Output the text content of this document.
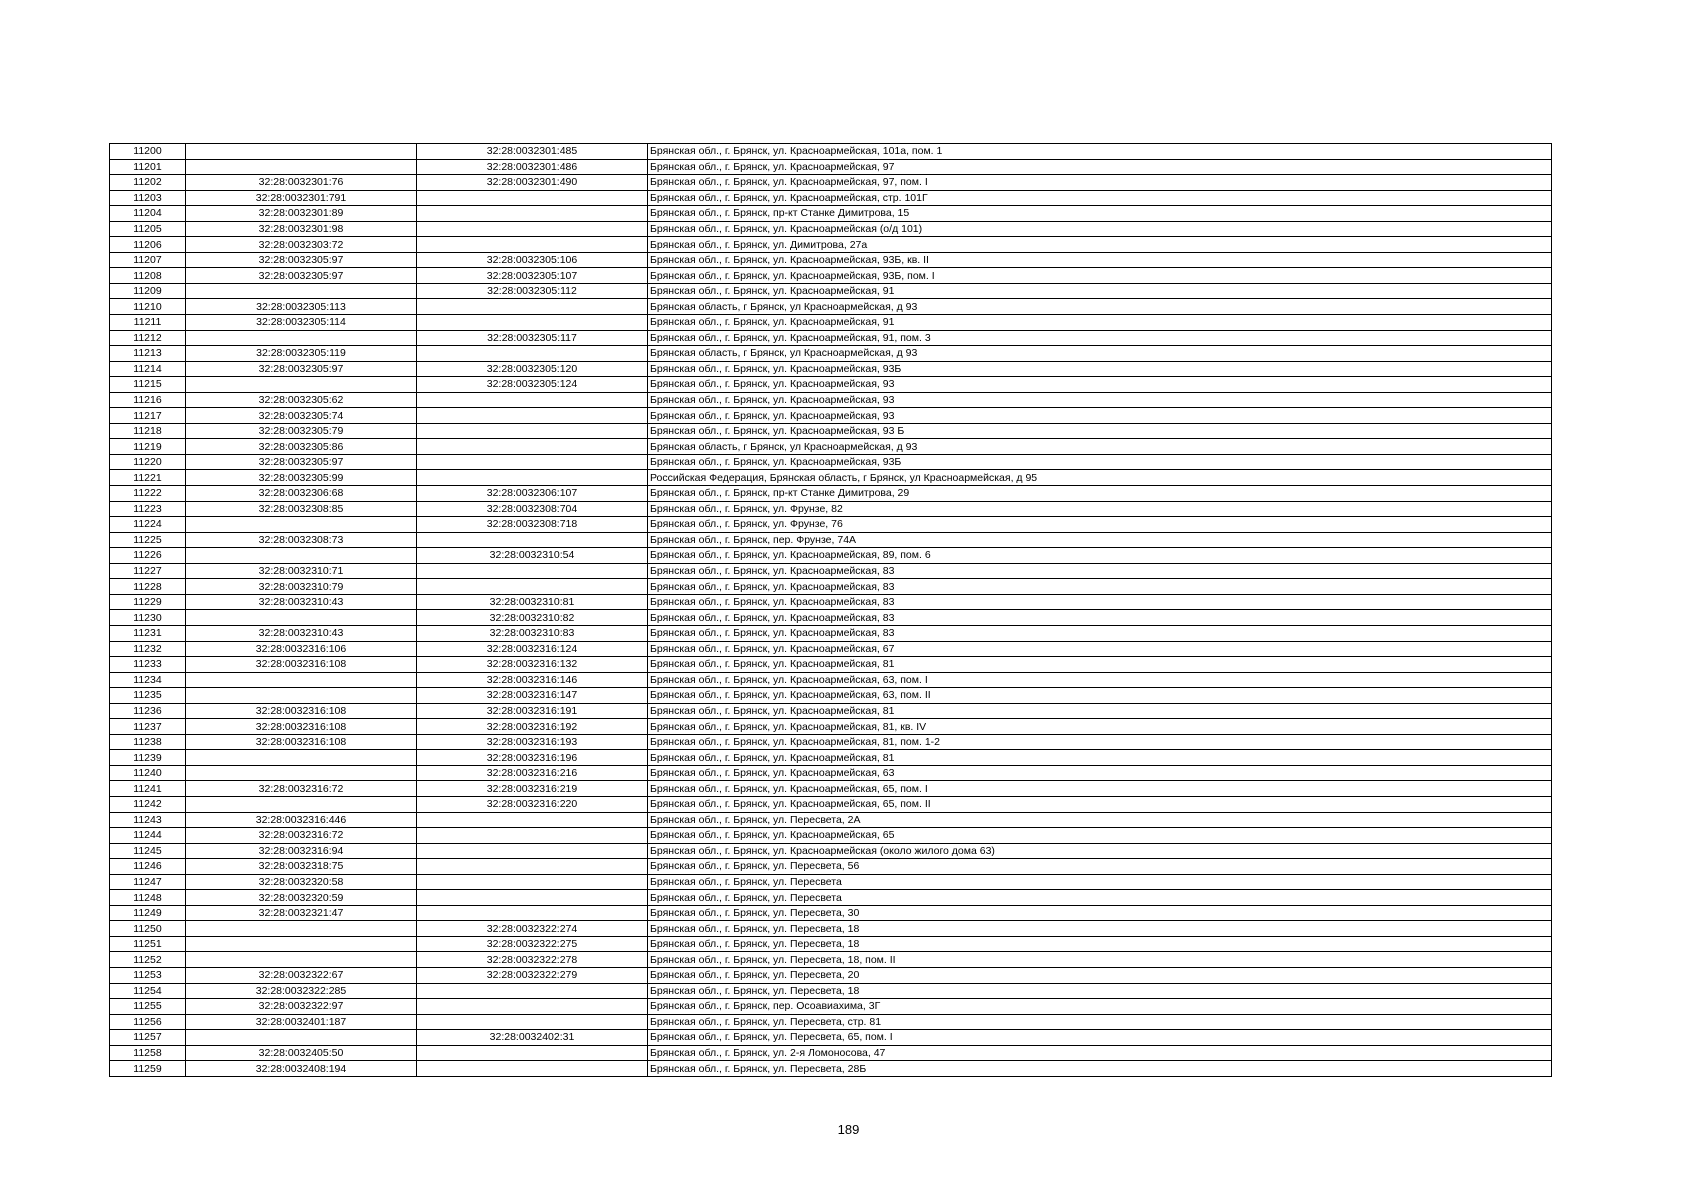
11200		32:28:0032301:485	Брянская обл., г. Брянск, ул. Красноармейская, 101а, пом. 1
11201		32:28:0032301:486	Брянская обл., г. Брянск, ул. Красноармейская, 97
11202	32:28:0032301:76	32:28:0032301:490	Брянская обл., г. Брянск, ул. Красноармейская, 97, пом. I
11203	32:28:0032301:791		Брянская обл., г. Брянск, ул. Красноармейская, стр. 101Г
11204	32:28:0032301:89		Брянская обл., г. Брянск, пр-кт Станке Димитрова, 15
11205	32:28:0032301:98		Брянская обл., г. Брянск, ул. Красноармейская (о/д 101)
11206	32:28:0032303:72		Брянская обл., г. Брянск, ул. Димитрова, 27а
11207	32:28:0032305:97	32:28:0032305:106	Брянская обл., г. Брянск, ул. Красноармейская, 93Б, кв. II
11208	32:28:0032305:97	32:28:0032305:107	Брянская обл., г. Брянск, ул. Красноармейская, 93Б, пом. I
11209		32:28:0032305:112	Брянская обл., г. Брянск, ул. Красноармейская, 91
11210	32:28:0032305:113		Брянская область, г Брянск, ул Красноармейская, д 93
11211	32:28:0032305:114		Брянская обл., г. Брянск, ул. Красноармейская, 91
11212		32:28:0032305:117	Брянская обл., г. Брянск, ул. Красноармейская, 91, пом. 3
11213	32:28:0032305:119		Брянская область, г Брянск, ул Красноармейская, д 93
11214	32:28:0032305:97	32:28:0032305:120	Брянская обл., г. Брянск, ул. Красноармейская, 93Б
11215		32:28:0032305:124	Брянская обл., г. Брянск, ул. Красноармейская, 93
11216	32:28:0032305:62		Брянская обл., г. Брянск, ул. Красноармейская, 93
11217	32:28:0032305:74		Брянская обл., г. Брянск, ул. Красноармейская, 93
11218	32:28:0032305:79		Брянская обл., г. Брянск, ул. Красноармейская, 93 Б
11219	32:28:0032305:86		Брянская область, г Брянск, ул Красноармейская, д 93
11220	32:28:0032305:97		Брянская обл., г. Брянск, ул. Красноармейская, 93Б
11221	32:28:0032305:99		Российская Федерация, Брянская область, г Брянск, ул Красноармейская, д 95
11222	32:28:0032306:68	32:28:0032306:107	Брянская обл., г. Брянск, пр-кт Станке Димитрова, 29
11223	32:28:0032308:85	32:28:0032308:704	Брянская обл., г. Брянск, ул. Фрунзе, 82
11224		32:28:0032308:718	Брянская обл., г. Брянск, ул. Фрунзе, 76
11225	32:28:0032308:73		Брянская обл., г. Брянск, пер. Фрунзе, 74А
11226		32:28:0032310:54	Брянская обл., г. Брянск, ул. Красноармейская, 89, пом. 6
11227	32:28:0032310:71		Брянская обл., г. Брянск, ул. Красноармейская, 83
11228	32:28:0032310:79		Брянская обл., г. Брянск, ул. Красноармейская, 83
11229	32:28:0032310:43	32:28:0032310:81	Брянская обл., г. Брянск, ул. Красноармейская, 83
11230		32:28:0032310:82	Брянская обл., г. Брянск, ул. Красноармейская, 83
11231	32:28:0032310:43	32:28:0032310:83	Брянская обл., г. Брянск, ул. Красноармейская, 83
11232	32:28:0032316:106	32:28:0032316:124	Брянская обл., г. Брянск, ул. Красноармейская, 67
11233	32:28:0032316:108	32:28:0032316:132	Брянская обл., г. Брянск, ул. Красноармейская, 81
11234		32:28:0032316:146	Брянская обл., г. Брянск, ул. Красноармейская, 63, пом. I
11235		32:28:0032316:147	Брянская обл., г. Брянск, ул. Красноармейская, 63, пом. II
11236	32:28:0032316:108	32:28:0032316:191	Брянская обл., г. Брянск, ул. Красноармейская, 81
11237	32:28:0032316:108	32:28:0032316:192	Брянская обл., г. Брянск, ул. Красноармейская, 81, кв. IV
11238	32:28:0032316:108	32:28:0032316:193	Брянская обл., г. Брянск, ул. Красноармейская, 81, пом. 1-2
11239		32:28:0032316:196	Брянская обл., г. Брянск, ул. Красноармейская, 81
11240		32:28:0032316:216	Брянская обл., г. Брянск, ул. Красноармейская, 63
11241	32:28:0032316:72	32:28:0032316:219	Брянская обл., г. Брянск, ул. Красноармейская, 65, пом. I
11242		32:28:0032316:220	Брянская обл., г. Брянск, ул. Красноармейская, 65, пом. II
11243	32:28:0032316:446		Брянская обл., г. Брянск, ул. Пересвета, 2А
11244	32:28:0032316:72		Брянская обл., г. Брянск, ул. Красноармейская, 65
11245	32:28:0032316:94		Брянская обл., г. Брянск, ул. Красноармейская (около жилого дома 63)
11246	32:28:0032318:75		Брянская обл., г. Брянск, ул. Пересвета, 56
11247	32:28:0032320:58		Брянская обл., г. Брянск, ул. Пересвета
11248	32:28:0032320:59		Брянская обл., г. Брянск, ул. Пересвета
11249	32:28:0032321:47		Брянская обл., г. Брянск, ул. Пересвета, 30
11250		32:28:0032322:274	Брянская обл., г. Брянск, ул. Пересвета, 18
11251		32:28:0032322:275	Брянская обл., г. Брянск, ул. Пересвета, 18
11252		32:28:0032322:278	Брянская обл., г. Брянск, ул. Пересвета, 18, пом. II
11253	32:28:0032322:67	32:28:0032322:279	Брянская обл., г. Брянск, ул. Пересвета, 20
11254	32:28:0032322:285		Брянская обл., г. Брянск, ул. Пересвета, 18
11255	32:28:0032322:97		Брянская обл., г. Брянск, пер. Осоавиахима, 3Г
11256	32:28:0032401:187		Брянская обл., г. Брянск, ул. Пересвета, стр. 81
11257		32:28:0032402:31	Брянская обл., г. Брянск, ул. Пересвета, 65, пом. I
11258	32:28:0032405:50		Брянская обл., г. Брянск, ул. 2-я Ломоносова, 47
11259	32:28:0032408:194		Брянская обл., г. Брянск, ул. Пересвета, 28Б
189
